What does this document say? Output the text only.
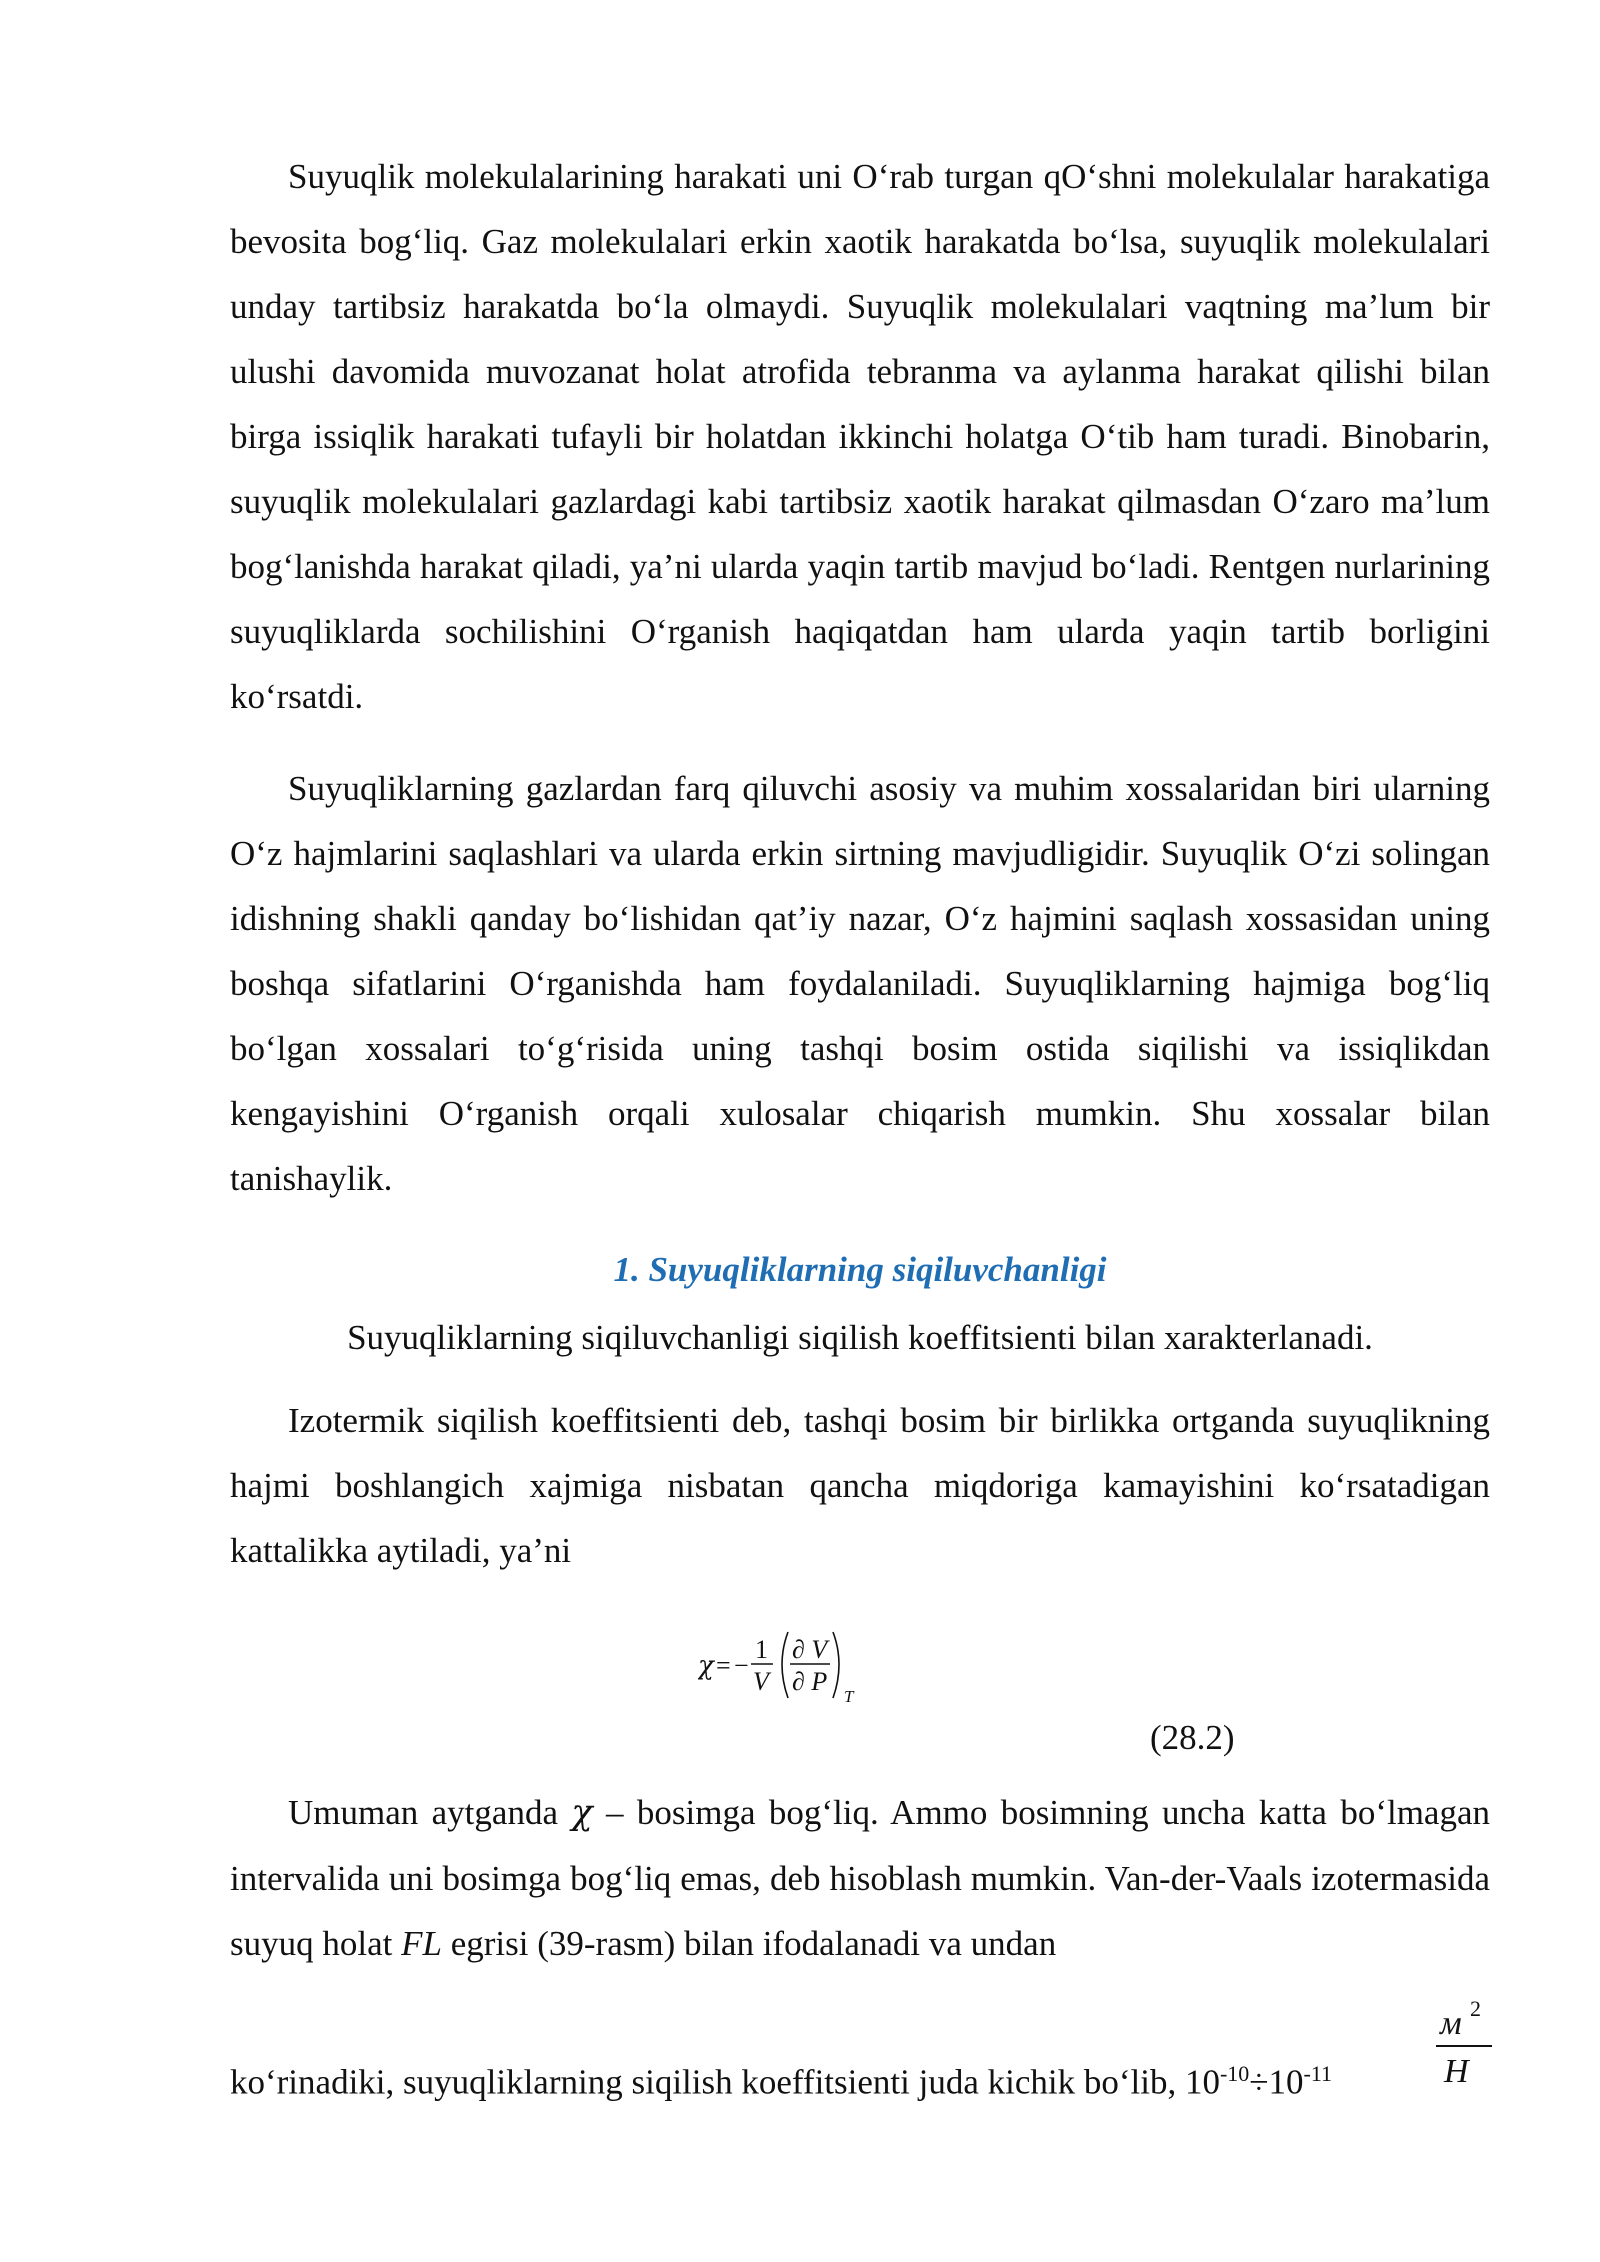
Suyuqlik molekulalarining harakati uni O‘rab turgan qO‘shni molekulalar harakatiga bevosita bog‘liq. Gaz molekulalari erkin xaotik harakatda bo‘lsa, suyuqlik molekulalari unday tartibsiz harakatda bo‘la olmaydi. Suyuqlik molekulalari vaqtning ma’lum bir ulushi davomida muvozanat holat atrofida tebranma va aylanma harakat qilishi bilan birga issiqlik harakati tufayli bir holatdan ikkinchi holatga O‘tib ham turadi. Binobarin, suyuqlik molekulalari gazlardagi kabi tartibsiz xaotik harakat qilmasdan O‘zaro ma’lum bog‘lanishda harakat qiladi, ya’ni ularda yaqin tartib mavjud bo‘ladi. Rentgen nurlarining suyuqliklarda sochilishini O‘rganish haqiqatdan ham ularda yaqin tartib borligini ko‘rsatdi.

Suyuqliklarning gazlardan farq qiluvchi asosiy va muhim xossalaridan biri ularning O‘z hajmlarini saqlashlari va ularda erkin sirtning mavjudligidir. Suyuqlik O‘zi solingan idishning shakli qanday bo‘lishidan qat’iy nazar, O‘z hajmini saqlash xossasidan uning boshqa sifatlarini O‘rganishda ham foydalaniladi. Suyuqliklarning hajmiga bog‘liq bo‘lgan xossalari to‘g‘risida uning tashqi bosim ostida siqilishi va issiqlikdan kengayishini O‘rganish orqali xulosalar chiqarish mumkin. Shu xossalar bilan tanishaylik.

1. Suyuqliklarning siqiluvchanligi

Suyuqliklarning siqiluvchanligi siqilish koeffitsienti bilan xarakterlanadi.

Izotermik siqilish koeffitsienti deb, tashqi bosim bir birlikka ortganda suyuqlikning hajmi boshlangich xajmiga nisbatan qancha miqdoriga kamayishini ko‘rsatadigan kattalikka aytiladi, ya’ni

χ = −
1
V
∂ V
∂ P
T
(28.2)

Umuman aytganda χ – bosimga bog‘liq. Ammo bosimning uncha katta bo‘lmagan intervalida uni bosimga bog‘liq emas, deb hisoblash mumkin. Van-der-Vaals izotermasida suyuq holat FL egrisi (39-rasm) bilan ifodalanadi va undan

ko‘rinadiki, suyuqliklarning siqilish koeffitsienti juda kichik bo‘lib, $10^{-10}\div 10^{-11}$
м 2
H
